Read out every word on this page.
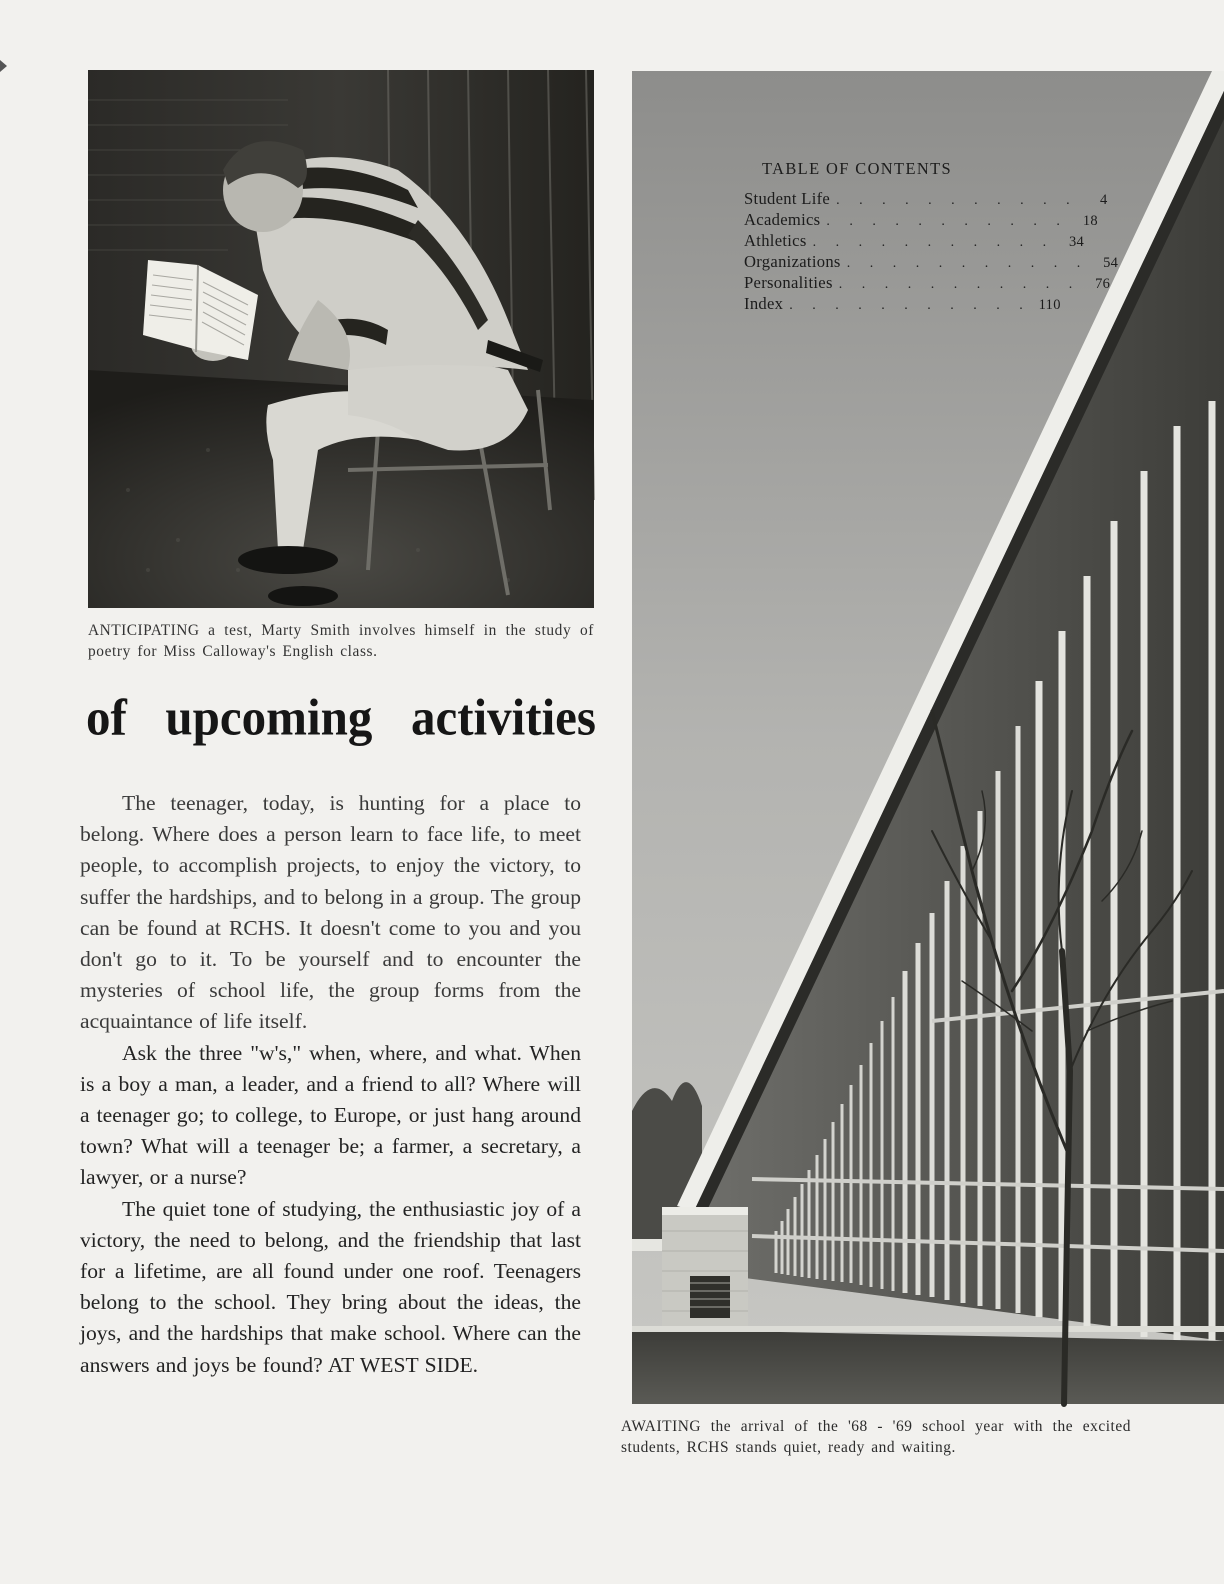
ANTICIPATING a test, Marty Smith involves himself in the study of poetry for Miss Calloway's English class.

of upcoming activities

The teenager, today, is hunting for a place to belong. Where does a person learn to face life, to meet people, to accomplish projects, to enjoy the victory, to suffer the hardships, and to belong in a group. The group can be found at RCHS. It doesn't come to you and you don't go to it. To be yourself and to encounter the mysteries of school life, the group forms from the acquaintance of life itself.

Ask the three "w's," when, where, and what. When is a boy a man, a leader, and a friend to all? Where will a teenager go; to college, to Europe, or just hang around town? What will a teenager be; a farmer, a secretary, a lawyer, or a nurse?

The quiet tone of studying, the enthusiastic joy of a victory, the need to belong, and the friendship that last for a lifetime, are all found under one roof. Teenagers belong to the school. They bring about the ideas, the joys, and the hardships that make school. Where can the answers and joys be found? AT WEST SIDE.

TABLE OF CONTENTS
Student Life . . . . . . . . . . .	4
Academics . . . . . . . . . . .	18
Athletics . . . . . . . . . . .	34
Organizations . . . . . . . . . . .	54
Personalities . . . . . . . . . . .	76
Index . . . . . . . . . . . 110

AWAITING the arrival of the '68 - '69 school year with the excited students, RCHS stands quiet, ready and waiting.
